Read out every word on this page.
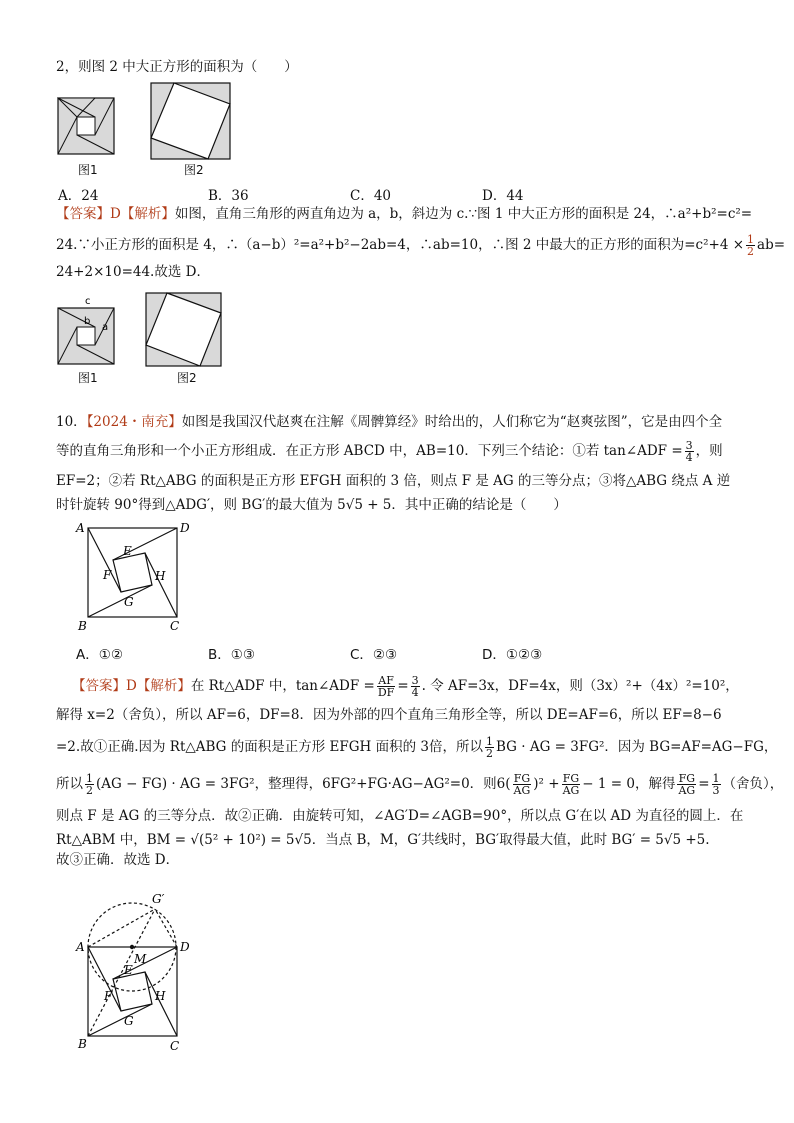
2，则图 2 中大正方形的面积为（　　）
图1	图2
A．24	B．36	C．40	D．44
【答案】D【解析】如图，直角三角形的两直角边为 a，b，斜边为 c.∵图 1 中大正方形的面积是 24，∴a²+b²=c²=
24.∵小正方形的面积是 4，∴（a−b）²=a²+b²−2ab=4，∴ab=10，∴图 2 中最大的正方形的面积为$=c^2+4 \times \frac{1}{2} ab=$
24+2×10=44.故选 D．
c
b
a
图1	图2
10．【2024・南充】如图是我国汉代赵爽在注解《周髀算经》时给出的，人们称它为“赵爽弦图”，它是由四个全
等的直角三角形和一个小正方形组成．在正方形 ABCD 中，AB=10．下列三个结论：①若 tan∠ADF = $\frac{3}{4}$ ，则
EF=2；②若 Rt△ABG 的面积是正方形 EFGH 面积的 3 倍，则点 F 是 AG 的三等分点；③将△ABG 绕点 A 逆
时针旋转 90°得到△ADG′，则 BG′的最大值为 5√5 + 5．其中正确的结论是（　　）
A	D
B	C
E
F
G
H
A．①②	B．①③	C．②③	D．①②③
【答案】D【解析】在 Rt△ADF 中，tan∠ADF = $\frac{AF}{DF} = \frac{3}{4}$ . 令 AF=3x，DF=4x，则（3x）²+（4x）²=10²，
解得 x=2（舍负），所以 AF=6，DF=8．因为外部的四个直角三角形全等，所以 DE=AF=6，所以 EF=8−6
=2.故①正确.因为 Rt△ABG 的面积是正方形 EFGH 面积的 3倍，所以 $\frac{1}{2}$ BG · AG = 3FG²．因为 BG=AF=AG−FG，
所以 $\frac{1}{2} (AG - FG)$ · AG = 3FG²，整理得，6FG²+FG·AG−AG²=0．则$6( \frac{FG}{AG} )^2 + \frac{FG}{AG} - 1 = 0$，解得 $\frac{FG}{AG} = \frac{1}{3}$ （舍负），
则点 F 是 AG 的三等分点．故②正确．由旋转可知，∠AG′D=∠AGB=90°，所以点 G′在以 AD 为直径的圆上．在
Rt△ABM 中，BM = √(5² + 10²) = 5√5．当点 B，M，G′共线时，BG′取得最大值，此时 BG′ = 5√5 +5.
故③正确．故选 D．
A	D
B	C
E
F
G
H
M
G′
